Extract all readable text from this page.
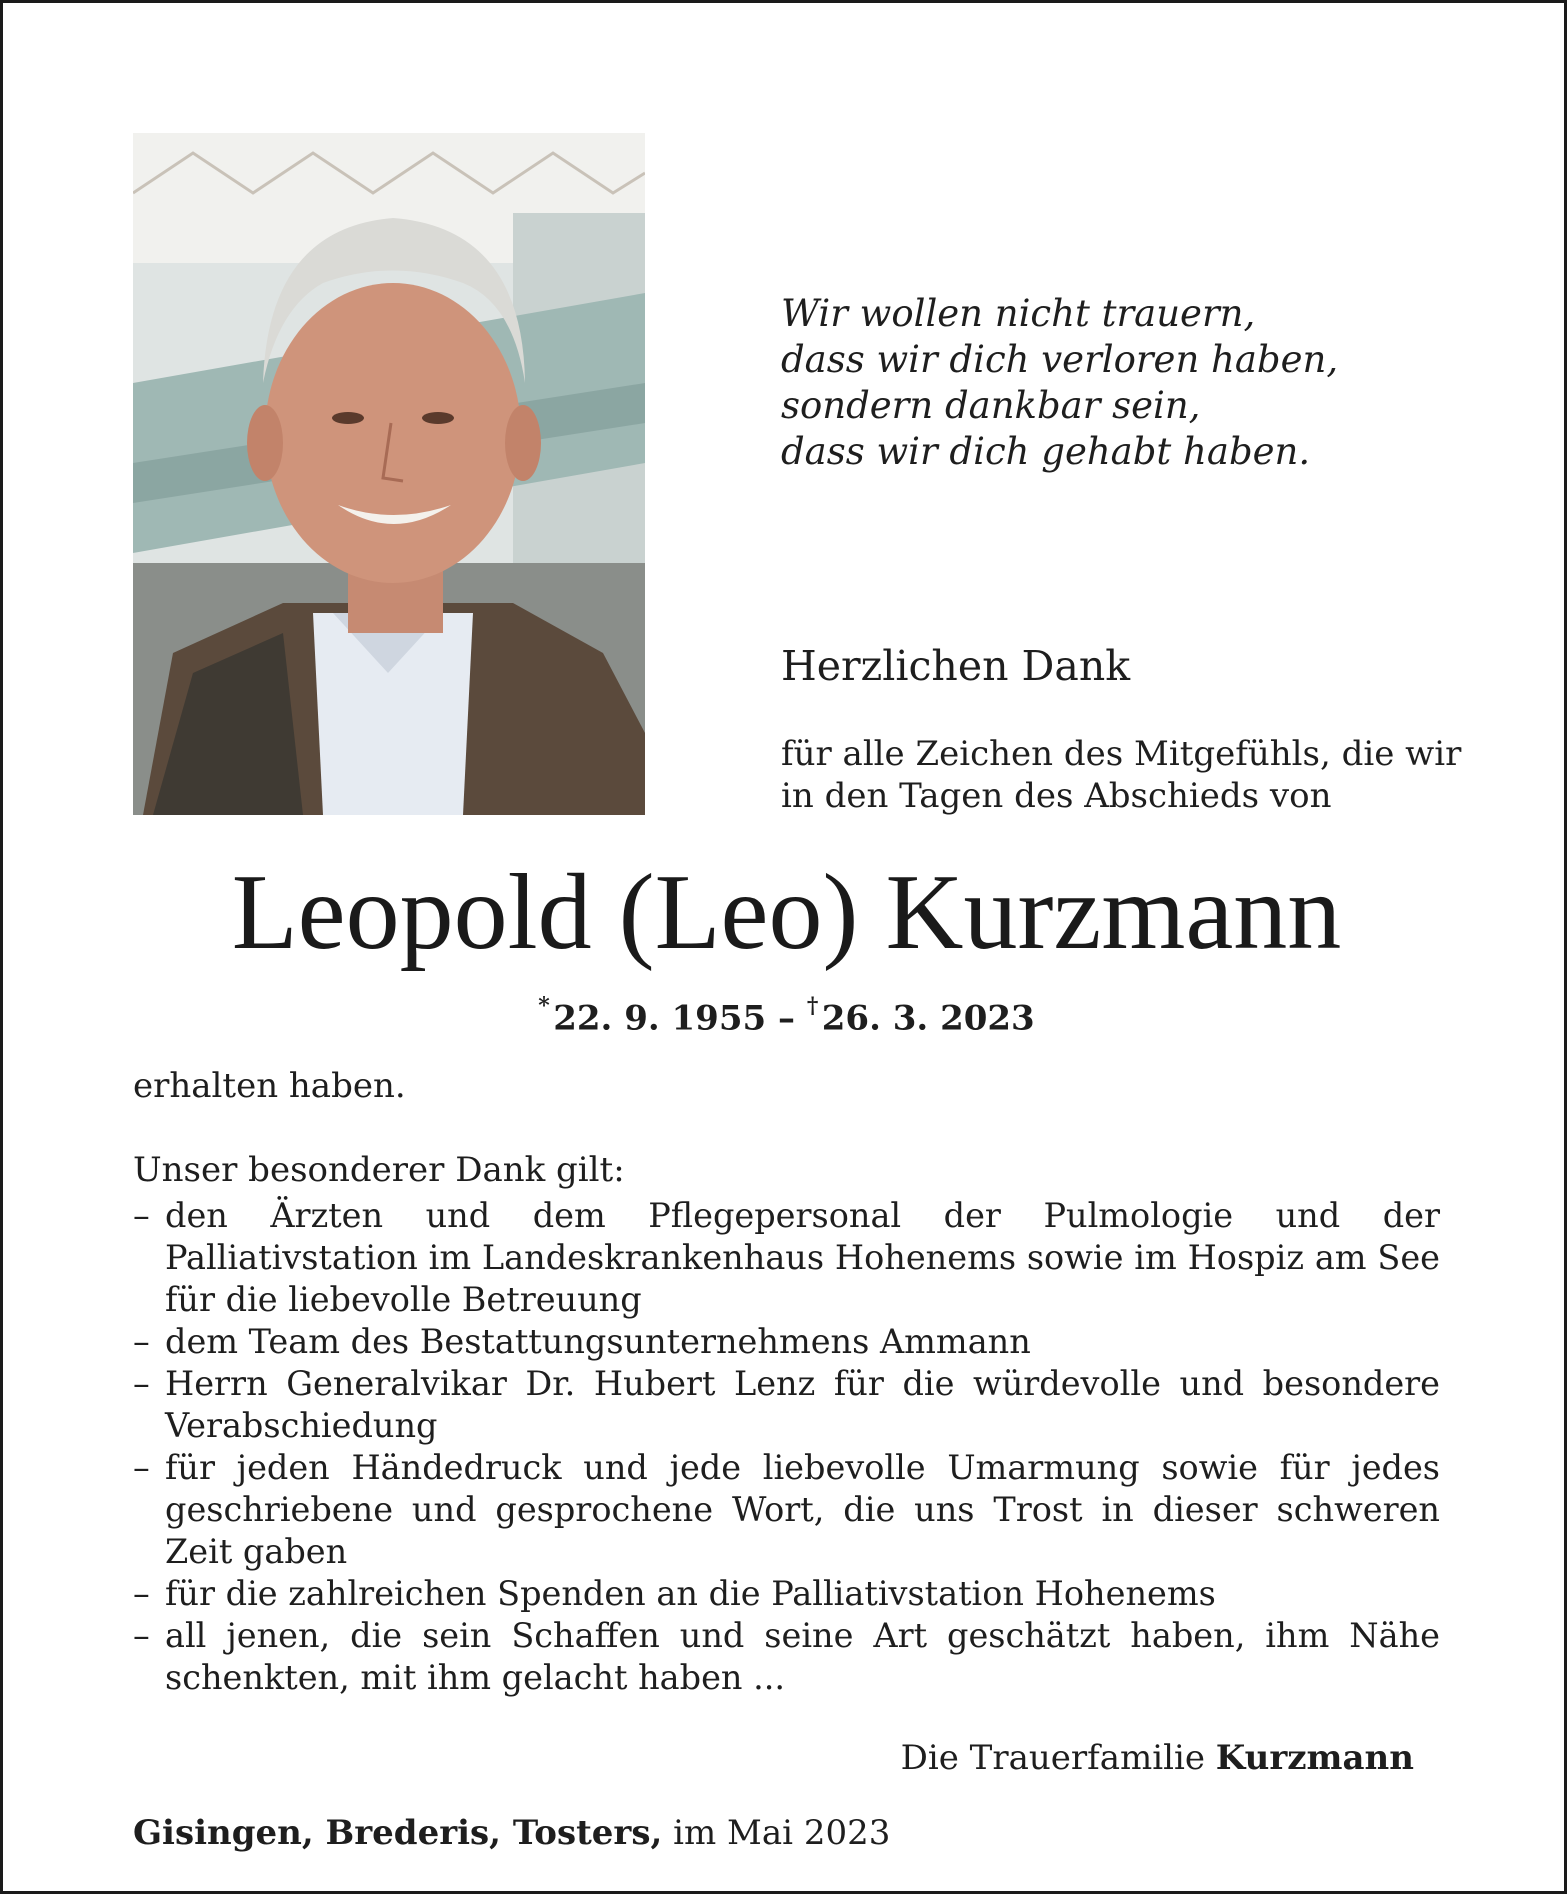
Wir wollen nicht trauern,
dass wir dich verloren haben,
sondern dankbar sein,
dass wir dich gehabt haben.
Herzlichen Dank
für alle Zeichen des Mitgefühls, die wir
in den Tagen des Abschieds von
Leopold (Leo) Kurzmann
* 22. 9. 1955 – † 26. 3. 2023
erhalten haben.
Unser besonderer Dank gilt:
– den Ärzten und dem Pflegepersonal der Pulmologie und der Palliativstation im Landeskrankenhaus Hohenems sowie im Hospiz am See für die liebevolle Betreuung
– dem Team des Bestattungsunternehmens Ammann
– Herrn Generalvikar Dr. Hubert Lenz für die würdevolle und besondere Verabschiedung
– für jeden Händedruck und jede liebevolle Umarmung sowie für jedes geschriebene und gesprochene Wort, die uns Trost in dieser schweren Zeit gaben
– für die zahlreichen Spenden an die Palliativstation Hohenems
– all jenen, die sein Schaffen und seine Art geschätzt haben, ihm Nähe schenkten, mit ihm gelacht haben ...
Die Trauerfamilie Kurzmann
Gisingen, Brederis, Tosters, im Mai 2023
